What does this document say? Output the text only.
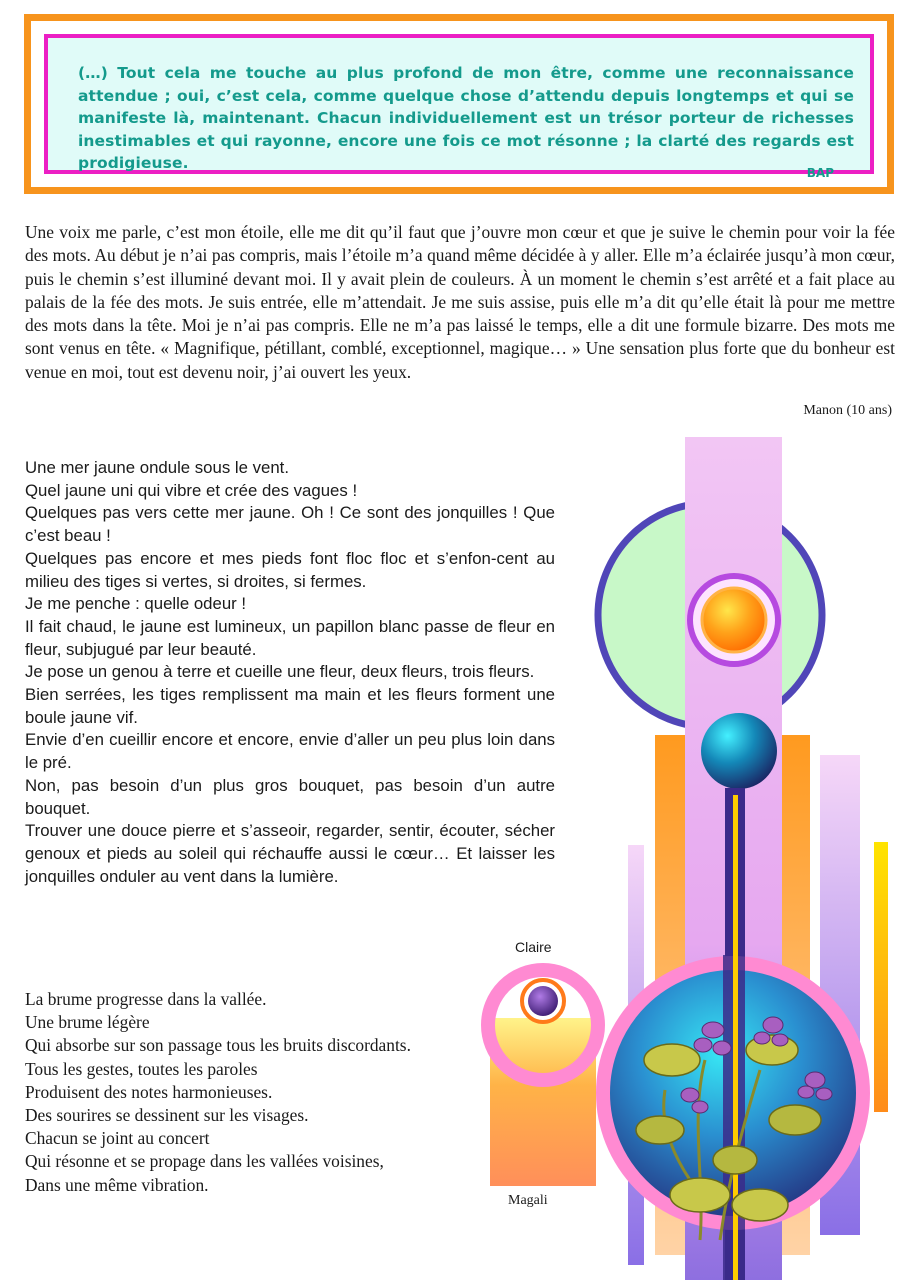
(…) Tout cela me touche au plus profond de mon être, comme une reconnaissance attendue ; oui, c’est cela, comme quelque chose d’attendu depuis longtemps et qui se manifeste là, maintenant. Chacun individuellement est un trésor porteur de richesses inestimables et qui rayonne, encore une fois ce mot résonne ; la clarté des regards est prodigieuse.
BAP
Une voix me parle, c’est mon étoile, elle me dit qu’il faut que j’ouvre mon cœur et que je suive le chemin pour voir la fée des mots. Au début je n’ai pas compris, mais l’étoile m’a quand même décidée à y aller. Elle m’a éclairée jusqu’à mon cœur, puis le chemin s’est illuminé devant moi. Il y avait plein de couleurs. À un moment le chemin s’est arrêté et a fait place au palais de la fée des mots. Je suis entrée, elle m’attendait. Je me suis assise, puis elle m’a dit qu’elle était là pour me mettre des mots dans la tête. Moi je n’ai pas compris. Elle ne m’a pas laissé le temps, elle a dit une formule bizarre. Des mots me sont venus en tête. « Magnifique, pétillant, comblé, exceptionnel, magique… » Une sensation plus forte que du bonheur est venue en moi, tout est devenu noir, j’ai ouvert les yeux.
Manon (10 ans)
Une mer jaune ondule sous le vent.
Quel jaune uni qui vibre et crée des vagues !
Quelques pas vers cette mer jaune. Oh ! Ce sont des jonquilles ! Que c’est beau !
Quelques pas encore et mes pieds font floc floc et s’enfon-cent au milieu des tiges si vertes, si droites, si fermes.
Je me penche : quelle odeur !
Il fait chaud, le jaune est lumineux, un papillon blanc passe de fleur en fleur, subjugué par leur beauté.
Je pose un genou à terre et cueille une fleur, deux fleurs, trois fleurs.
Bien serrées, les tiges remplissent ma main et les fleurs forment une boule jaune vif.
Envie d’en cueillir encore et encore, envie d’aller un peu plus loin dans le pré.
Non, pas besoin d’un plus gros bouquet, pas besoin d’un autre bouquet.
Trouver une douce pierre et s’asseoir, regarder, sentir, écouter, sécher genoux et pieds au soleil qui réchauffe aussi le cœur… Et laisser les jonquilles onduler au vent dans la lumière.
Claire
La brume progresse dans la vallée.
Une brume légère
Qui absorbe sur son passage tous les bruits discordants.
Tous les gestes, toutes les paroles
Produisent des notes harmonieuses.
Des sourires se dessinent sur les visages.
Chacun se joint au concert
Qui résonne et se propage dans les vallées voisines,
Dans une même vibration.
Magali
